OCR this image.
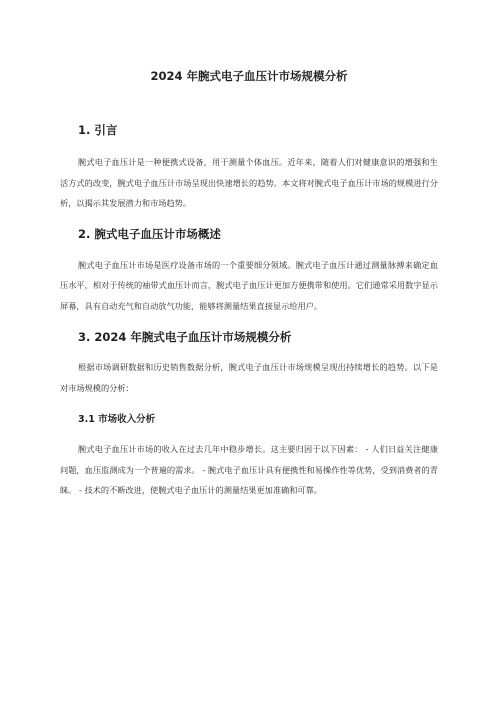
2024 年腕式电子血压计市场规模分析
1. 引言

腕式电子血压计是一种便携式设备，用于测量个体血压。近年来，随着人们对健康意识的增强和生活方式的改变，腕式电子血压计市场呈现出快速增长的趋势。本文将对腕式电子血压计市场的规模进行分析，以揭示其发展潜力和市场趋势。

2. 腕式电子血压计市场概述

腕式电子血压计市场是医疗设备市场的一个重要细分领域。腕式电子血压计通过测量脉搏来确定血压水平，相对于传统的袖带式血压计而言，腕式电子血压计更加方便携带和使用。它们通常采用数字显示屏幕，具有自动充气和自动放气功能，能够将测量结果直接显示给用户。

3. 2024 年腕式电子血压计市场规模分析

根据市场调研数据和历史销售数据分析，腕式电子血压计市场规模呈现出持续增长的趋势。以下是对市场规模的分析：

3.1 市场收入分析

腕式电子血压计市场的收入在过去几年中稳步增长。这主要归因于以下因素： - 人们日益关注健康问题，血压监测成为一个普遍的需求。 - 腕式电子血压计具有便携性和易操作性等优势，受到消费者的青睐。 - 技术的不断改进，使腕式电子血压计的测量结果更加准确和可靠。
